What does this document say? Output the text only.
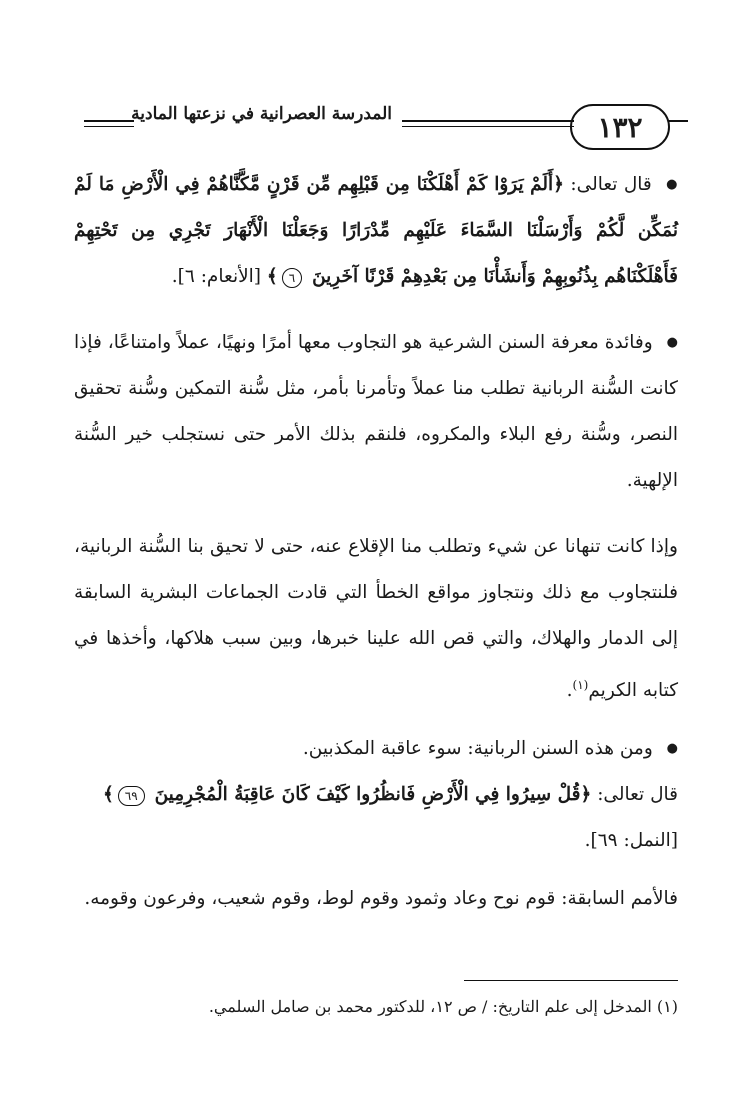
١٣٢
المدرسة العصرانية في نزعتها المادية

● قال تعالى: ﴿أَلَمْ يَرَوْا كَمْ أَهْلَكْنَا مِن قَبْلِهِم مِّن قَرْنٍ مَّكَّنَّاهُمْ فِي الْأَرْضِ مَا لَمْ نُمَكِّن لَّكُمْ وَأَرْسَلْنَا السَّمَاءَ عَلَيْهِم مِّدْرَارًا وَجَعَلْنَا الْأَنْهَارَ تَجْرِي مِن تَحْتِهِمْ فَأَهْلَكْنَاهُم بِذُنُوبِهِمْ وَأَنشَأْنَا مِن بَعْدِهِمْ قَرْنًا آخَرِينَ ٦﴾ [الأنعام: ٦].

● وفائدة معرفة السنن الشرعية هو التجاوب معها أمرًا ونهيًا، عملاً وامتناعًا، فإذا كانت السُّنة الربانية تطلب منا عملاً وتأمرنا بأمر، مثل سُّنة التمكين وسُّنة تحقيق النصر، وسُّنة رفع البلاء والمكروه، فلنقم بذلك الأمر حتى نستجلب خير السُّنة الإلهية.

وإذا كانت تنهانا عن شيء وتطلب منا الإقلاع عنه، حتى لا تحيق بنا السُّنة الربانية، فلنتجاوب مع ذلك ونتجاوز مواقع الخطأ التي قادت الجماعات البشرية السابقة إلى الدمار والهلاك، والتي قص الله علينا خبرها، وبين سبب هلاكها، وأخذها في كتابه الكريم$^{(١)}$.

● ومن هذه السنن الربانية: سوء عاقبة المكذبين.

قال تعالى: ﴿قُلْ سِيرُوا فِي الْأَرْضِ فَانظُرُوا كَيْفَ كَانَ عَاقِبَةُ الْمُجْرِمِينَ ٦٩﴾
[النمل: ٦٩].

فالأمم السابقة: قوم نوح وعاد وثمود وقوم لوط، وقوم شعيب، وفرعون وقومه.

(١) المدخل إلى علم التاريخ: / ص ١٢، للدكتور محمد بن صامل السلمي.
